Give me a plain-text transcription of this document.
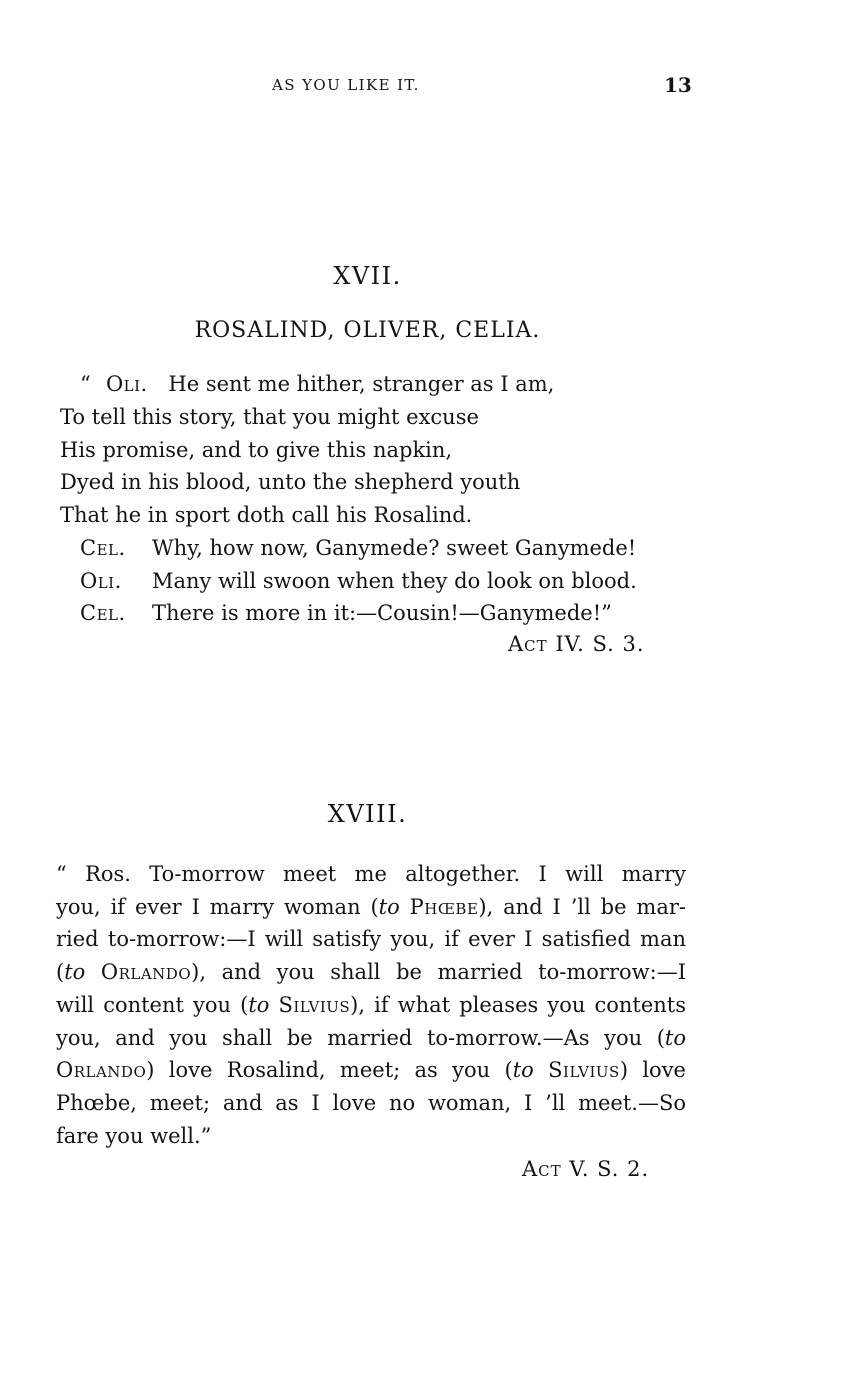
AS YOU LIKE IT.	13
XVII.
ROSALIND, OLIVER, CELIA.
“ Oli. He sent me hither, stranger as I am,
To tell this story, that you might excuse
His promise, and to give this napkin,
Dyed in his blood, unto the shepherd youth
That he in sport doth call his Rosalind.
Cel. Why, how now, Ganymede? sweet Ganymede!
Oli. Many will swoon when they do look on blood.
Cel. There is more in it:—Cousin!—Ganymede!”
Act IV. S. 3.
XVIII.
“ Ros. To-morrow meet me altogether. I will marry
you, if ever I marry woman (to Phœbe), and I ’ll be mar-
ried to-morrow:—I will satisfy you, if ever I satisfied man
(to Orlando), and you shall be married to-morrow:—I
will content you (to Silvius), if what pleases you contents
you, and you shall be married to-morrow.—As you (to
Orlando) love Rosalind, meet; as you (to Silvius) love
Phœbe, meet; and as I love no woman, I ’ll meet.—So
fare you well.”
Act V. S. 2.
